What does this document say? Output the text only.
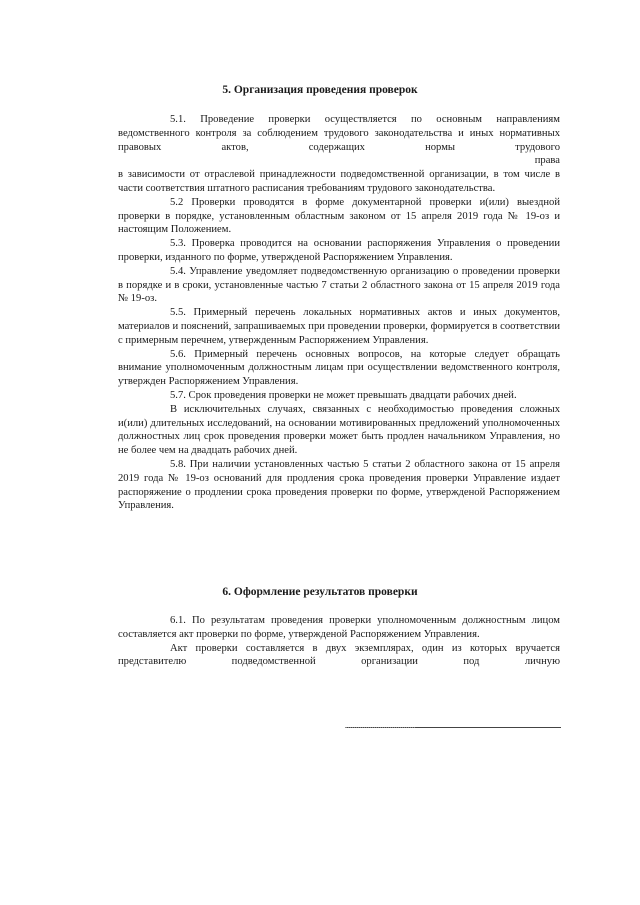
5. Организация проведения проверок

5.1. Проведение проверки осуществляется по основным направлениям ведомственного контроля за соблюдением трудового законодательства и иных нормативных правовых актов, содержащих нормы трудового

права

в зависимости от отраслевой принадлежности подведомственной организации, в том числе в части соответствия штатного расписания требованиям трудового законодательства.

5.2 Проверки проводятся в форме документарной проверки и(или) выездной проверки в порядке, установленным областным законом от 15 апреля 2019 года № 19-оз и настоящим Положением.

5.3. Проверка проводится на основании распоряжения Управления о проведении проверки, изданного по форме, утвержденой Распоряжением Управления.

5.4. Управление уведомляет подведомственную организацию о проведении проверки в порядке и в сроки, установленные частью 7 статьи 2 областного закона от 15 апреля 2019 года № 19-оз.

5.5. Примерный перечень локальных нормативных актов и иных документов, материалов и пояснений, запрашиваемых при проведении проверки, формируется в соответствии с примерным перечнем, утвержденным Распоряжением Управления.

5.6. Примерный перечень основных вопросов, на которые следует обращать внимание уполномоченным должностным лицам при осуществлении ведомственного контроля, утвержден Распоряжением Управления.

5.7. Срок проведения проверки не может превышать двадцати рабочих дней.

В исключительных случаях, связанных с необходимостью проведения сложных и(или) длительных исследований, на основании мотивированных предложений уполномоченных должностных лиц срок проведения проверки может быть продлен начальником Управления, но не более чем на двадцать рабочих дней.

5.8. При наличии установленных частью 5 статьи 2 областного закона от 15 апреля 2019 года № 19-оз оснований для продления срока проведения проверки Управление издает распоряжение о продлении срока проведения проверки по форме, утвержденой Распоряжением Управления.

6. Оформление результатов проверки

6.1. По результатам проведения проверки уполномоченным должностным лицом составляется акт проверки по форме, утвержденой Распоряжением Управления.

Акт проверки составляется в двух экземплярах, один из которых вручается представителю подведомственной организации под личную
